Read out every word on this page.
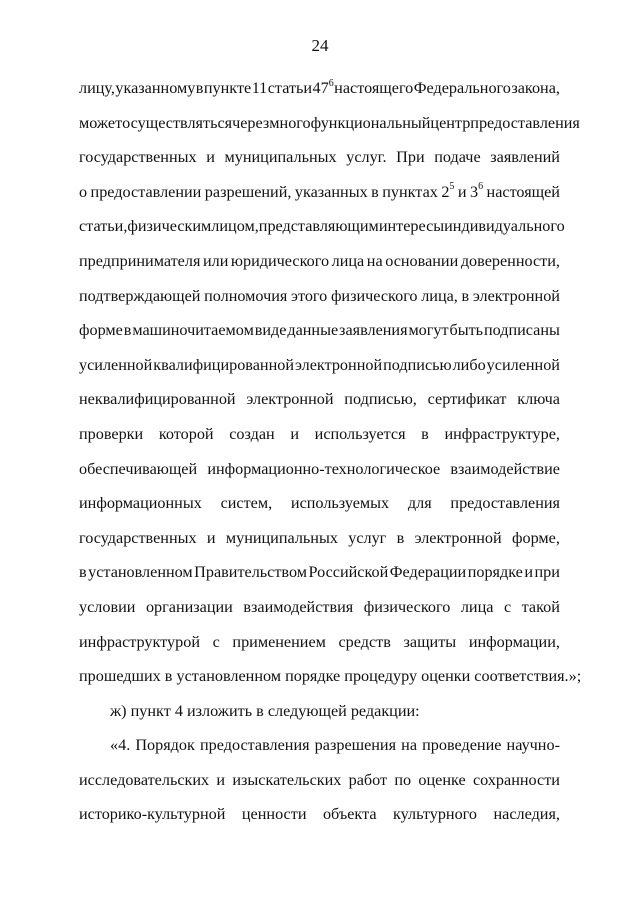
24
лицу, указанному в пункте 11 статьи $47^6$ настоящего Федерального закона,
может осуществляться через многофункциональный центр предоставления
государственных и муниципальных услуг. При подаче заявлений
о предоставлении разрешений, указанных в пунктах $2^5$ и $3^6$ настоящей
статьи, физическим лицом, представляющим интересы индивидуального
предпринимателя или юридического лица на основании доверенности,
подтверждающей полномочия этого физического лица, в электронной
форме в машиночитаемом виде данные заявления могут быть подписаны
усиленной квалифицированной электронной подписью либо усиленной
неквалифицированной электронной подписью, сертификат ключа
проверки которой создан и используется в инфраструктуре,
обеспечивающей информационно-технологическое взаимодействие
информационных систем, используемых для предоставления
государственных и муниципальных услуг в электронной форме,
в установленном Правительством Российской Федерации порядке и при
условии организации взаимодействия физического лица с такой
инфраструктурой с применением средств защиты информации,
прошедших в установленном порядке процедуру оценки соответствия.»;
ж) пункт 4 изложить в следующей редакции:
«4. Порядок предоставления разрешения на проведение научно-
исследовательских и изыскательских работ по оценке сохранности
историко-культурной ценности объекта культурного наследия,
